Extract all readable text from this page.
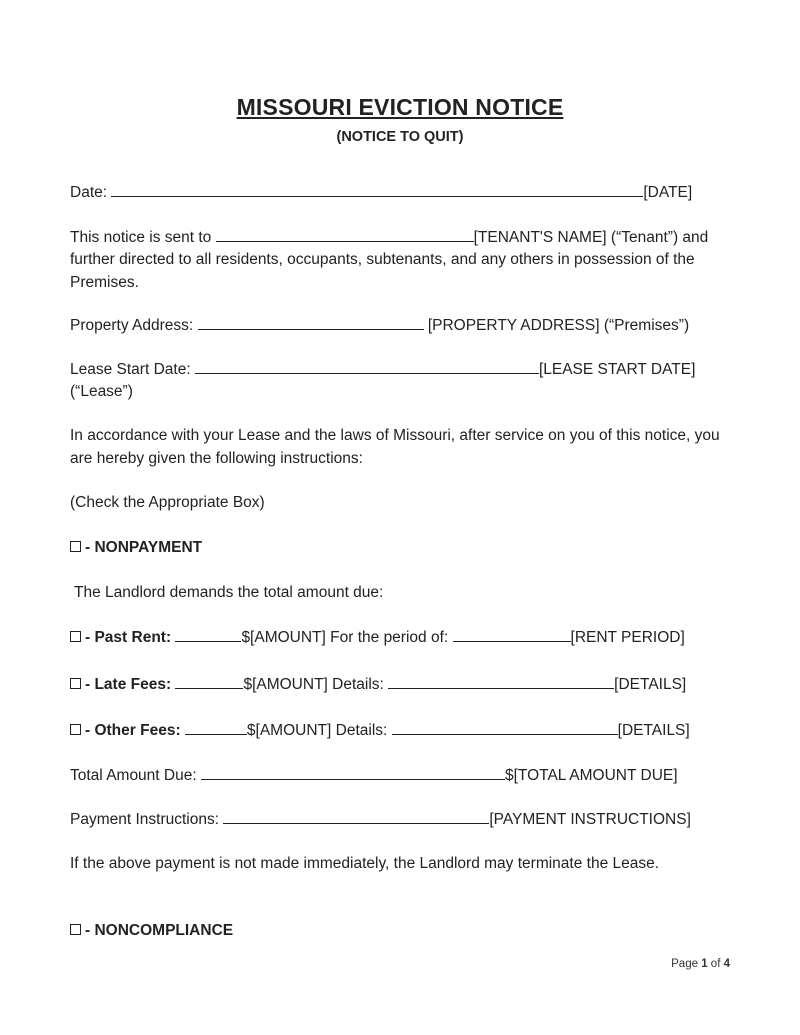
MISSOURI EVICTION NOTICE
(NOTICE TO QUIT)
Date:	[DATE]
This notice is sent to	[TENANT'S NAME] (“Tenant”) and
further directed to all residents, occupants, subtenants, and any others in possession of the Premises.
Property Address:	[PROPERTY ADDRESS] (“Premises”)
Lease Start Date:	[LEASE START DATE]
(“Lease”)
In accordance with your Lease and the laws of Missouri, after service on you of this notice, you are hereby given the following instructions:
(Check the Appropriate Box)
- NONPAYMENT
The Landlord demands the total amount due:
- Past Rent:	$[AMOUNT] For the period of:	[RENT PERIOD]
- Late Fees:	$[AMOUNT] Details:	[DETAILS]
- Other Fees:	$[AMOUNT] Details:	[DETAILS]
Total Amount Due:	$[TOTAL AMOUNT DUE]
Payment Instructions:	[PAYMENT INSTRUCTIONS]
If the above payment is not made immediately, the Landlord may terminate the Lease.
- NONCOMPLIANCE
Page 1 of 4
